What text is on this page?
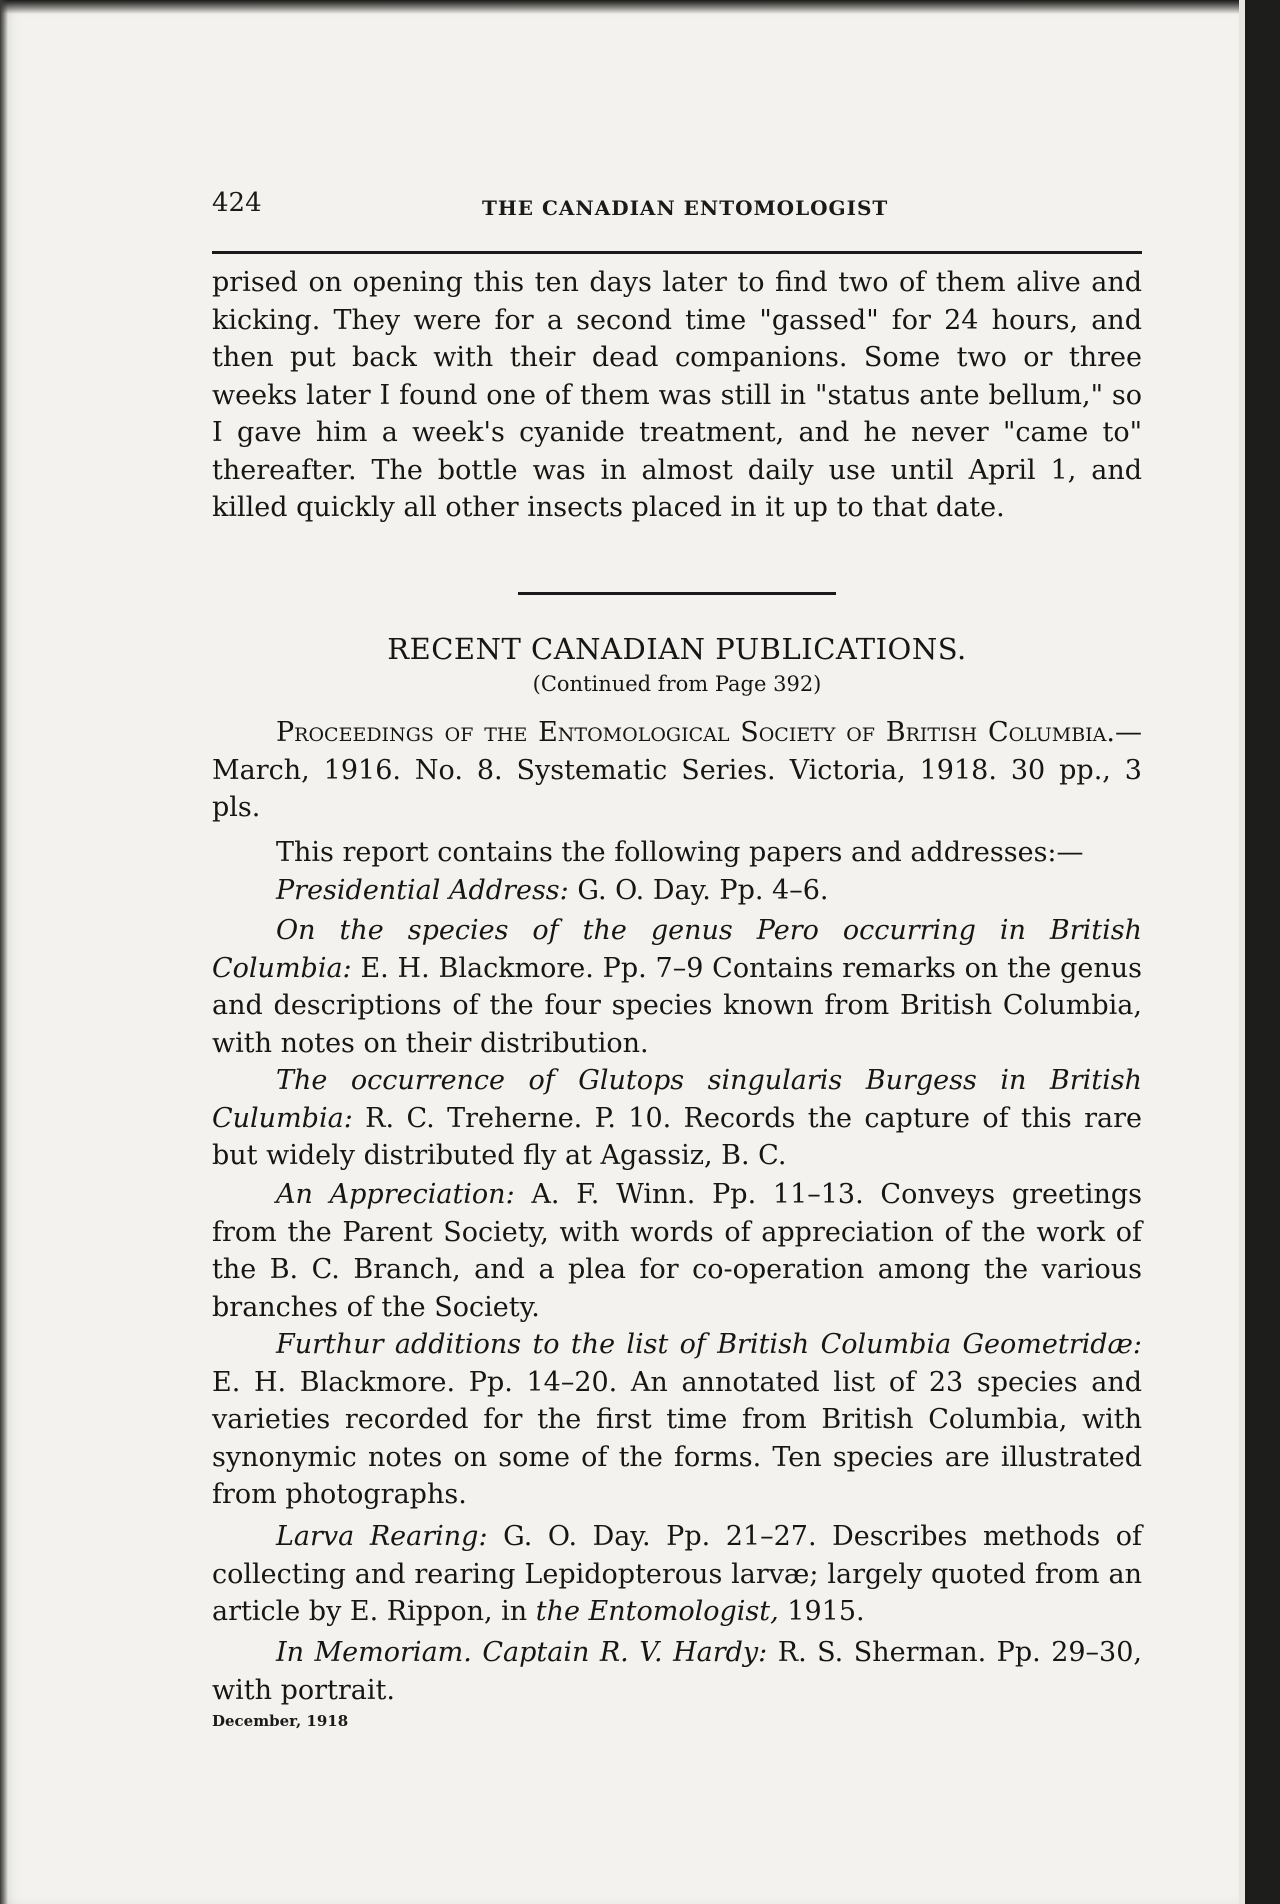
424	THE CANADIAN ENTOMOLOGIST
prised on opening this ten days later to find two of them alive and kicking. They were for a second time "gassed" for 24 hours, and then put back with their dead companions. Some two or three weeks later I found one of them was still in "status ante bellum," so I gave him a week's cyanide treatment, and he never "came to" thereafter. The bottle was in almost daily use until April 1, and killed quickly all other insects placed in it up to that date.
RECENT CANADIAN PUBLICATIONS.
(Continued from Page 392)
Proceedings of the Entomological Society of British Columbia.—March, 1916. No. 8. Systematic Series. Victoria, 1918. 30 pp., 3 pls.
This report contains the following papers and addresses:—
Presidential Address: G. O. Day. Pp. 4–6.
On the species of the genus Pero occurring in British Columbia: E. H. Blackmore. Pp. 7–9 Contains remarks on the genus and descriptions of the four species known from British Columbia, with notes on their distribution.
The occurrence of Glutops singularis Burgess in British Culumbia: R. C. Treherne. P. 10. Records the capture of this rare but widely distributed fly at Agassiz, B. C.
An Appreciation: A. F. Winn. Pp. 11–13. Conveys greetings from the Parent Society, with words of appreciation of the work of the B. C. Branch, and a plea for co-operation among the various branches of the Society.
Furthur additions to the list of British Columbia Geometridæ: E. H. Blackmore. Pp. 14–20. An annotated list of 23 species and varieties recorded for the first time from British Columbia, with synonymic notes on some of the forms. Ten species are illustrated from photographs.
Larva Rearing: G. O. Day. Pp. 21–27. Describes methods of collecting and rearing Lepidopterous larvæ; largely quoted from an article by E. Rippon, in the Entomologist, 1915.
In Memoriam. Captain R. V. Hardy: R. S. Sherman. Pp. 29–30, with portrait.
December, 1918
